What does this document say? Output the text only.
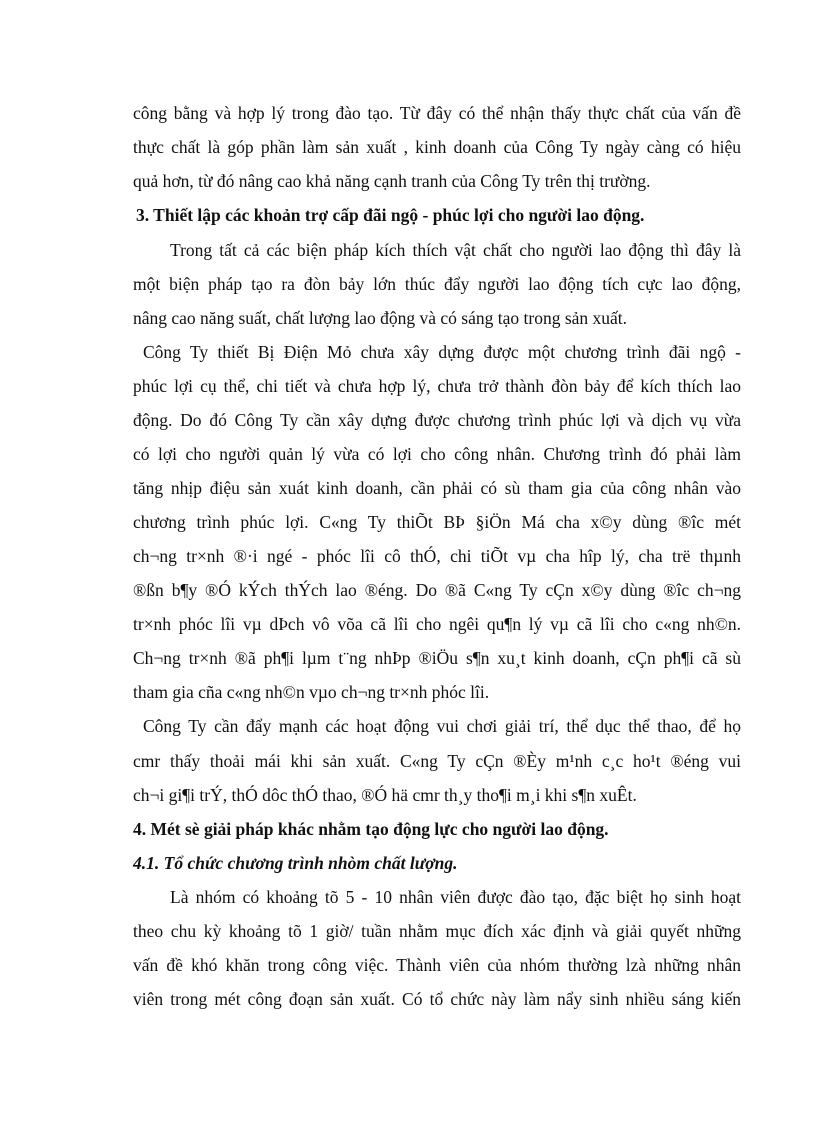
công bằng và hợp lý trong đào tạo. Từ đây có thể nhận thấy thực chất của vấn đề
thực chất là góp phần làm sản xuất , kinh doanh của Công Ty ngày càng có hiệu
quả hơn, từ đó nâng cao khả năng cạnh tranh của Công Ty trên thị trường.
3. Thiết lập các khoản trợ cấp đãi ngộ - phúc lợi cho người lao động.
Trong tất cả các biện pháp kích thích vật chất cho người lao động thì đây là
một biện pháp tạo ra đòn bảy lớn thúc đẩy người lao động tích cực lao động,
nâng cao năng suất, chất lượng lao động và có sáng tạo trong sản xuất.
Công Ty thiết Bị Điện Mỏ chưa xây dựng được một chương trình đãi ngộ -
phúc lợi cụ thể, chi tiết và chưa hợp lý, chưa trở thành đòn bảy để kích thích lao
động. Do đó Công Ty cần xây dựng được chương trình phúc lợi và dịch vụ vừa
có lợi cho người quản lý vừa có lợi cho công nhân. Chương trình đó phải làm
tăng nhịp điệu sản xuát kinh doanh, cần phải có sù tham gia của công nhân vào
chương trình phúc lợi. C«ng Ty thiÕt BÞ §iÖn Má cha x©y dùng ®îc mét
ch¬ng tr×nh ®·i ngé - phóc lîi cô thÓ, chi tiÕt vµ cha hîp lý, cha trë thµnh
®ßn b¶y ®Ó kÝch thÝch lao ®éng. Do ®ã C«ng Ty cÇn x©y dùng ®îc ch¬ng
tr×nh phóc lîi vµ dÞch vô võa cã lîi cho ngêi qu¶n lý vµ cã lîi cho c«ng nh©n.
Ch¬ng tr×nh ®ã ph¶i lµm t¨ng nhÞp ®iÖu s¶n xu¸t kinh doanh, cÇn ph¶i cã sù
tham gia cña c«ng nh©n vµo ch¬ng tr×nh phóc lîi.
Công Ty cần đẩy mạnh các hoạt động vui chơi giải trí, thể dục thể thao, để họ
cmr thấy thoải mái khi sản xuất. C«ng Ty cÇn ®Èy m¹nh c¸c ho¹t ®éng vui
ch¬i gi¶i trÝ, thÓ dôc thÓ thao, ®Ó hä cmr th¸y tho¶i m¸i khi s¶n xuÊt.
4. Mét sè giải pháp khác nhằm tạo động lực cho người lao động.
4.1. Tổ chức chương trình nhòm chất lượng.
Là nhóm có khoảng tõ 5 - 10 nhân viên được đào tạo, đặc biệt họ sinh hoạt
theo chu kỳ khoảng tõ 1 giờ/ tuần nhằm mục đích xác định và giải quyết những
vấn đề khó khăn trong công việc. Thành viên của nhóm thường lzà những nhân
viên trong mét công đoạn sản xuất. Có tổ chức này làm nẩy sinh nhiều sáng kiến
